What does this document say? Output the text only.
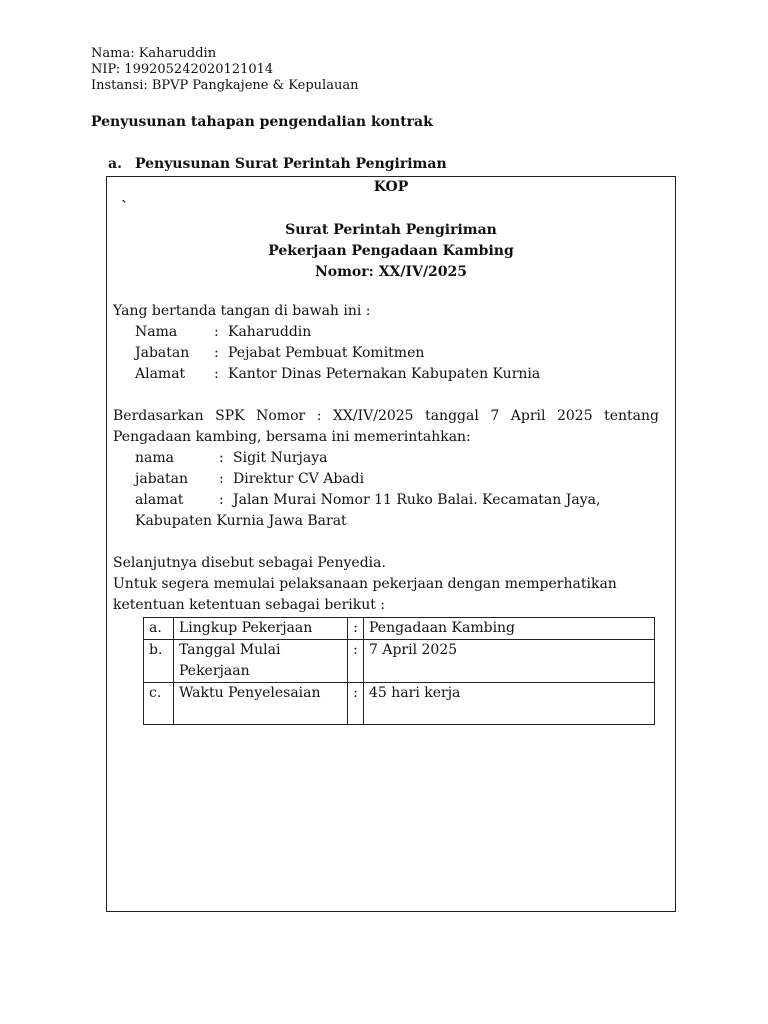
Nama: Kaharuddin
NIP: 199205242020121014
Instansi: BPVP Pangkajene & Kepulauan
Penyusunan tahapan pengendalian kontrak
a. Penyusunan Surat Perintah Pengiriman
KOP
`
Surat Perintah Pengiriman
Pekerjaan Pengadaan Kambing
Nomor: XX/IV/2025
Yang bertanda tangan di bawah ini :
Nama	: Kaharuddin
Jabatan	: Pejabat Pembuat Komitmen
Alamat	: Kantor Dinas Peternakan Kabupaten Kurnia
Berdasarkan SPK Nomor : XX/IV/2025 tanggal 7 April 2025 tentang
Pengadaan kambing, bersama ini memerintahkan:
nama	: Sigit Nurjaya
jabatan	: Direktur CV Abadi
alamat	: Jalan Murai Nomor 11 Ruko Balai. Kecamatan Jaya,
Kabupaten Kurnia Jawa Barat
Selanjutnya disebut sebagai Penyedia.
Untuk segera memulai pelaksanaan pekerjaan dengan memperhatikan
ketentuan ketentuan sebagai berikut :
a.	Lingkup Pekerjaan	:	Pengadaan Kambing
b.	Tanggal Mulai Pekerjaan	:	7 April 2025
c.	Waktu Penyelesaian	:	45 hari kerja
